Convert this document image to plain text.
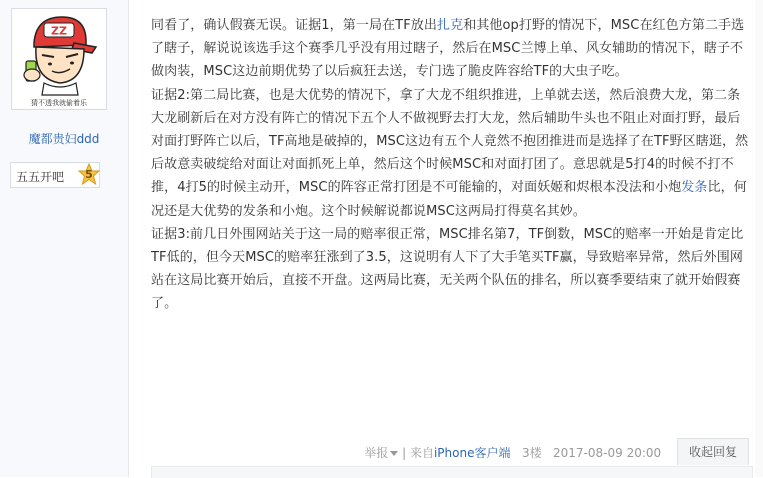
ZZ
猜不透我就偷着乐
魔都贵妇ddd
五五开吧	5

同看了，确认假赛无误。证据1，第一局在TF放出扎克和其他op打野的情况下，MSC在红色方第二手选了瞎子，解说说该选手这个赛季几乎没有用过瞎子，然后在MSC兰博上单、风女辅助的情况下，瞎子不做肉装，MSC这边前期优势了以后疯狂去送，专门选了脆皮阵容给TF的大虫子吃。

证据2:第二局比赛，也是大优势的情况下，拿了大龙不组织推进，上单就去送，然后浪费大龙，第二条大龙刷新后在对方没有阵亡的情况下五个人不做视野去打大龙，然后辅助牛头也不阻止对面打野，最后对面打野阵亡以后，TF高地是破掉的，MSC这边有五个人竟然不抱团推进而是选择了在TF野区瞎逛，然后故意卖破绽给对面让对面抓死上单，然后这个时候MSC和对面打团了。意思就是5打4的时候不打不推，4打5的时候主动开，MSC的阵容正常打团是不可能输的，对面妖姬和烬根本没法和小炮发条比，何况还是大优势的发条和小炮。这个时候解说都说MSC这两局打得莫名其妙。

证据3:前几日外围网站关于这一局的赔率很正常，MSC排名第7，TF倒数，MSC的赔率一开始是肯定比TF低的，但今天MSC的赔率狂涨到了3.5，这说明有人下了大手笔买TF赢，导致赔率异常，然后外围网站在这局比赛开始后，直接不开盘。这两局比赛，无关两个队伍的排名，所以赛季要结束了就开始假赛了。

举报 | 来自iPhone客户端 3楼 2017-08-09 20:00	收起回复
